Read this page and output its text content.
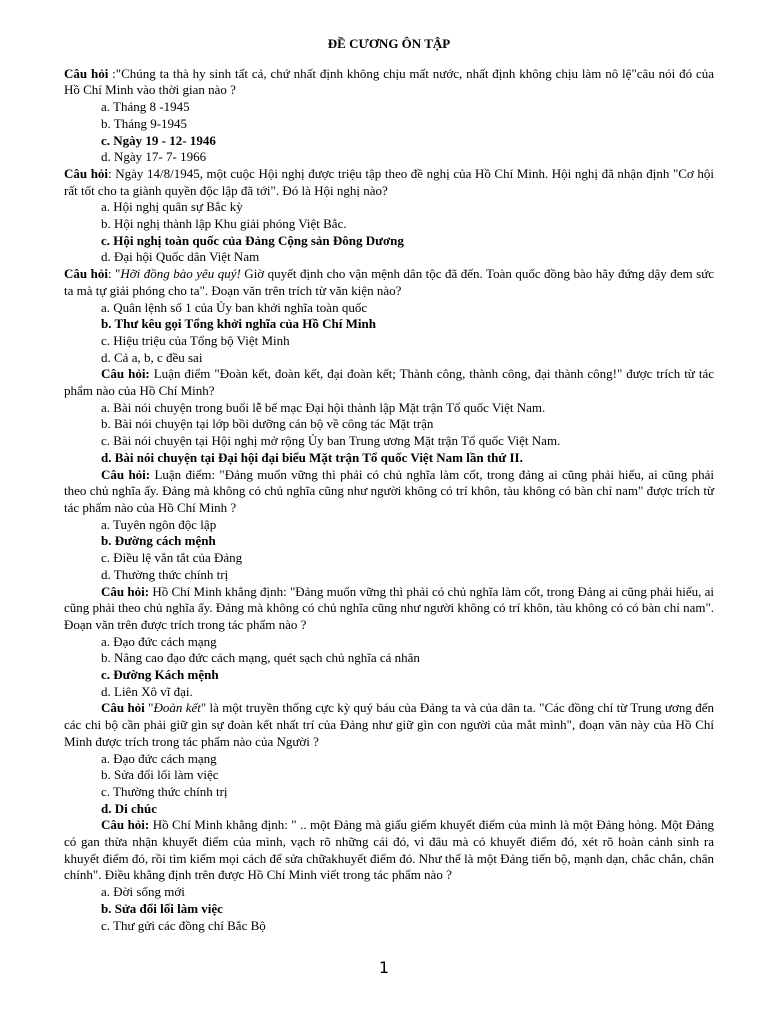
ĐỀ CƯƠNG ÔN TẬP

Câu hỏi :"Chúng ta thà hy sinh tất cả, chứ nhất định không chịu mất nước, nhất định không chịu làm nô lệ"câu nói đó của Hồ Chí Minh vào thời gian nào ?

a. Tháng 8 -1945

b. Tháng 9-1945

c. Ngày 19 - 12- 1946

d. Ngày 17- 7- 1966

Câu hỏi: Ngày 14/8/1945, một cuộc Hội nghị được triệu tập theo đề nghị của Hồ Chí Minh. Hội nghị đã nhận định "Cơ hội rất tốt cho ta giành quyền độc lập đã tới". Đó là Hội nghị nào?

a. Hội nghị quân sự Bắc kỳ

b. Hội nghị thành lập Khu giải phóng Việt Bắc.

c. Hội nghị toàn quốc của Đảng Cộng sản Đông Dương

d. Đại hội Quốc dân Việt Nam

Câu hỏi: "Hỡi đồng bào yêu quý! Giờ quyết định cho vận mệnh dân tộc đã đến. Toàn quốc đồng bào hãy đứng dậy đem sức ta mà tự giải phóng cho ta". Đoạn văn trên trích từ văn kiện nào?

a. Quân lệnh số 1 của Ủy ban khởi nghĩa toàn quốc

b. Thư kêu gọi Tổng khởi nghĩa của Hồ Chí Minh

c. Hiệu triệu của Tổng bộ Việt Minh

d. Cả a, b, c đều sai

Câu hỏi: Luận điểm "Đoàn kết, đoàn kết, đại đoàn kết; Thành công, thành công, đại thành công!" được trích từ tác phẩm nào của Hồ Chí Minh?

a. Bài nói chuyện trong buổi lễ bế mạc Đại hội thành lập Mặt trận Tổ quốc Việt Nam.

b. Bài nói chuyện tại lớp bồi dưỡng cán bộ về công tác Mặt trận

c. Bài nói chuyện tại Hội nghị mở rộng Ủy ban Trung ương Mặt trận Tổ quốc Việt Nam.

d. Bài nói chuyện tại Đại hội đại biểu Mặt trận Tổ quốc Việt Nam lần thứ II.

Câu hỏi: Luận điểm: "Đảng muốn vững thì phải có chủ nghĩa làm cốt, trong đảng ai cũng phải hiểu, ai cũng phải theo chủ nghĩa ấy. Đảng mà không có chủ nghĩa cũng như người không có trí khôn, tàu không có bàn chỉ nam" được trích từ tác phẩm nào của Hồ Chí Minh ?

a. Tuyên ngôn độc lập

b. Đường cách mệnh

c. Điều lệ vắn tắt của Đảng

d. Thường thức chính trị

Câu hỏi: Hồ Chí Minh khẳng định: "Đảng muốn vững thì phải có chủ nghĩa làm cốt, trong Đảng ai cũng phải hiểu, ai cũng phải theo chủ nghĩa ấy. Đảng mà không có chủ nghĩa cũng như người không có trí khôn, tàu không có có bàn chỉ nam". Đoạn văn trên được trích trong tác phẩm nào ?

a. Đạo đức cách mạng

b. Nâng cao đạo đức cách mạng, quét sạch chủ nghĩa cá nhân

c. Đường Kách mệnh

d. Liên Xô vĩ đại.

Câu hỏi "Đoàn kết" là một truyền thống cực kỳ quý báu của Đảng ta và của dân ta. "Các đồng chí từ Trung ương đến các chi bộ cần phải giữ gìn sự đoàn kết nhất trí của Đảng như giữ gìn con người của mắt mình", đoạn văn này của Hồ Chí Minh được trích trong tác phẩm nào của Người ?

a. Đạo đức cách mạng

b. Sửa đổi lối làm việc

c. Thường thức chính trị

d. Di chúc

Câu hỏi: Hồ Chí Minh khẳng định: " .. một Đảng mà giấu giếm khuyết điểm của mình là một Đảng hỏng. Một Đảng có gan thừa nhận khuyết điểm của mình, vạch rõ những cái đó, vì đâu mà có khuyết điểm đó, xét rõ hoàn cảnh sinh ra khuyết điểm đó, rồi tìm kiếm mọi cách để sửa chữakhuyết điểm đó. Như thế là một Đảng tiến bộ, mạnh dạn, chắc chắn, chân chính". Điều khẳng định trên được Hồ Chí Minh viết trong tác phẩm nào ?

a. Đời sống mới

b. Sửa đổi lối làm việc

c. Thư gửi các đồng chí Bắc Bộ

1
